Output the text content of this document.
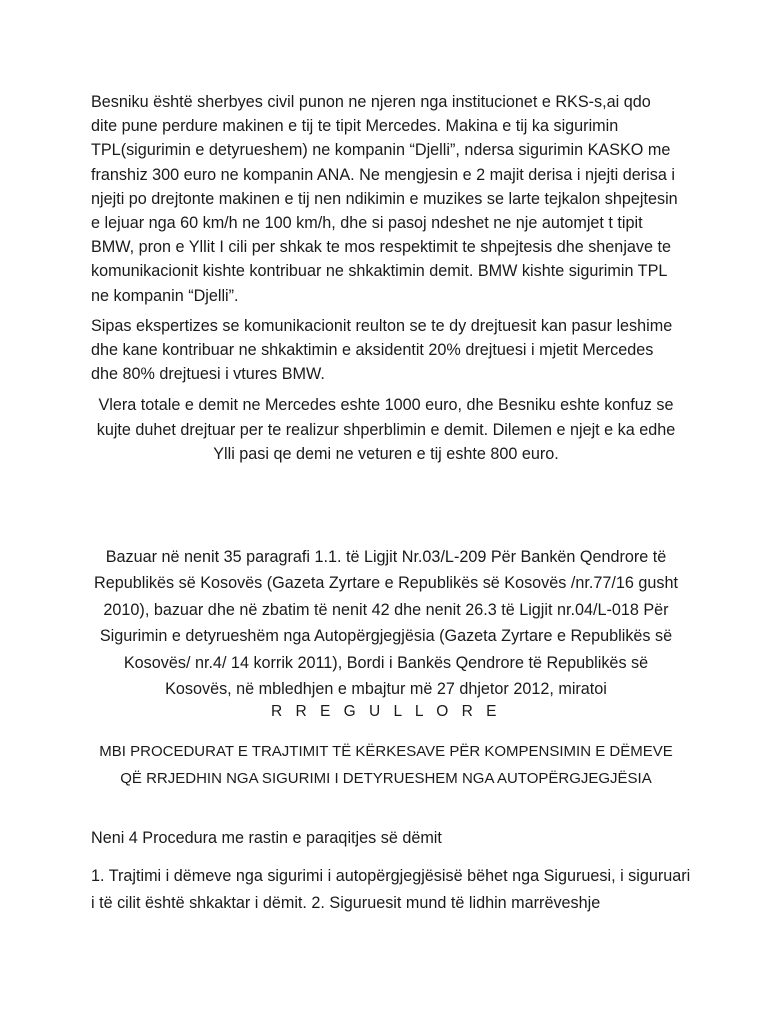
Besniku është sherbyes civil punon ne njeren nga institucionet e RKS-s,ai qdo dite pune perdure makinen e tij te tipit Mercedes. Makina e tij ka sigurimin TPL(sigurimin e detyrueshem) ne kompanin “Djelli”, ndersa sigurimin KASKO me franshiz 300 euro ne kompanin ANA. Ne mengjesin e 2 majit derisa i njejti derisa i njejti po drejtonte makinen e tij nen ndikimin e muzikes se larte tejkalon shpejtesin e lejuar nga 60 km/h ne 100 km/h, dhe si pasoj ndeshet ne nje automjet t tipit BMW, pron e Yllit I cili per shkak te mos respektimit te shpejtesis dhe shenjave te komunikacionit kishte kontribuar ne shkaktimin demit. BMW kishte sigurimin TPL ne kompanin “Djelli”.

Sipas ekspertizes se komunikacionit reulton se te dy drejtuesit kan pasur leshime dhe kane kontribuar ne shkaktimin e aksidentit 20% drejtuesi i mjetit Mercedes dhe 80% drejtuesi i vtures BMW.

Vlera totale e demit ne Mercedes eshte 1000 euro, dhe Besniku eshte konfuz se kujte duhet drejtuar per te realizur shperblimin e demit. Dilemen e njejt e ka edhe Ylli pasi qe demi ne veturen e tij eshte 800 euro.

Bazuar në nenit 35 paragrafi 1.1. të Ligjit Nr.03/L-209 Për Bankën Qendrore të Republikës së Kosovës (Gazeta Zyrtare e Republikës së Kosovës /nr.77/16 gusht 2010), bazuar dhe në zbatim të nenit 42 dhe nenit 26.3 të Ligjit nr.04/L-018 Për Sigurimin e detyrueshëm nga Autopërgjegjësia (Gazeta Zyrtare e Republikës së Kosovës/ nr.4/ 14 korrik 2011), Bordi i Bankës Qendrore të Republikës së Kosovës, në mbledhjen e mbajtur më 27 dhjetor 2012, miratoi

R R E G U L L O R E

MBI PROCEDURAT E TRAJTIMIT TË KËRKESAVE PËR KOMPENSIMIN E DËMEVE QË RRJEDHIN NGA SIGURIMI I DETYRUESHEM NGA AUTOPËRGJEGJËSIA

Neni 4 Procedura me rastin e paraqitjes së dëmit

1. Trajtimi i dëmeve nga sigurimi i autopërgjegjësisë bëhet nga Siguruesi, i siguruari i të cilit është shkaktar i dëmit. 2. Siguruesit mund të lidhin marrëveshje
